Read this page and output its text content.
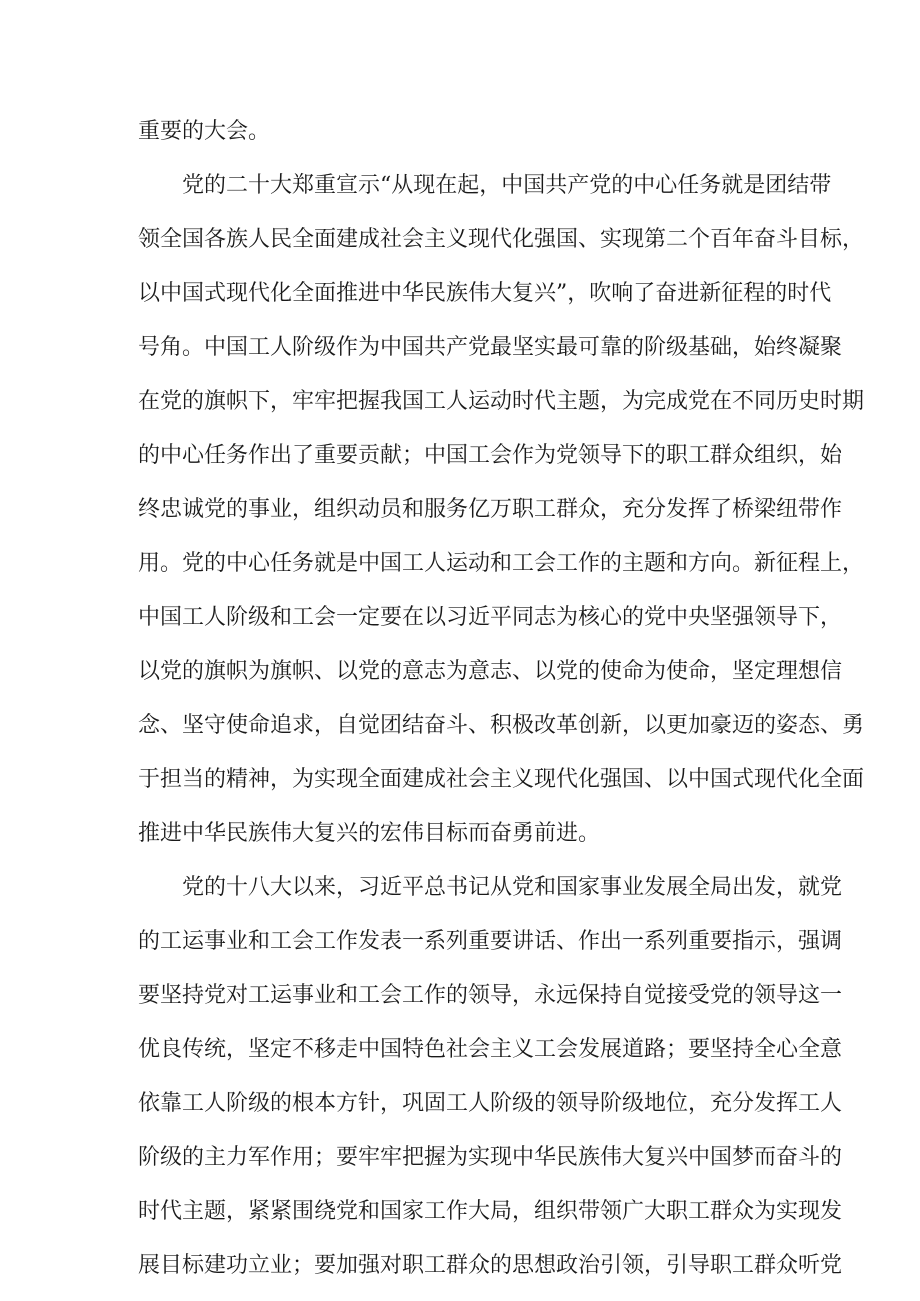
重要的大会。
党的二十大郑重宣示“从现在起，中国共产党的中心任务就是团结带
领全国各族人民全面建成社会主义现代化强国、实现第二个百年奋斗目标，
以中国式现代化全面推进中华民族伟大复兴”，吹响了奋进新征程的时代
号角。中国工人阶级作为中国共产党最坚实最可靠的阶级基础，始终凝聚
在党的旗帜下，牢牢把握我国工人运动时代主题，为完成党在不同历史时期
的中心任务作出了重要贡献；中国工会作为党领导下的职工群众组织，始
终忠诚党的事业，组织动员和服务亿万职工群众，充分发挥了桥梁纽带作
用。党的中心任务就是中国工人运动和工会工作的主题和方向。新征程上，
中国工人阶级和工会一定要在以习近平同志为核心的党中央坚强领导下，
以党的旗帜为旗帜、以党的意志为意志、以党的使命为使命，坚定理想信
念、坚守使命追求，自觉团结奋斗、积极改革创新，以更加豪迈的姿态、勇
于担当的精神，为实现全面建成社会主义现代化强国、以中国式现代化全面
推进中华民族伟大复兴的宏伟目标而奋勇前进。
党的十八大以来，习近平总书记从党和国家事业发展全局出发，就党
的工运事业和工会工作发表一系列重要讲话、作出一系列重要指示，强调
要坚持党对工运事业和工会工作的领导，永远保持自觉接受党的领导这一
优良传统，坚定不移走中国特色社会主义工会发展道路；要坚持全心全意
依靠工人阶级的根本方针，巩固工人阶级的领导阶级地位，充分发挥工人
阶级的主力军作用；要牢牢把握为实现中华民族伟大复兴中国梦而奋斗的
时代主题，紧紧围绕党和国家工作大局，组织带领广大职工群众为实现发
展目标建功立业；要加强对职工群众的思想政治引领，引导职工群众听党
